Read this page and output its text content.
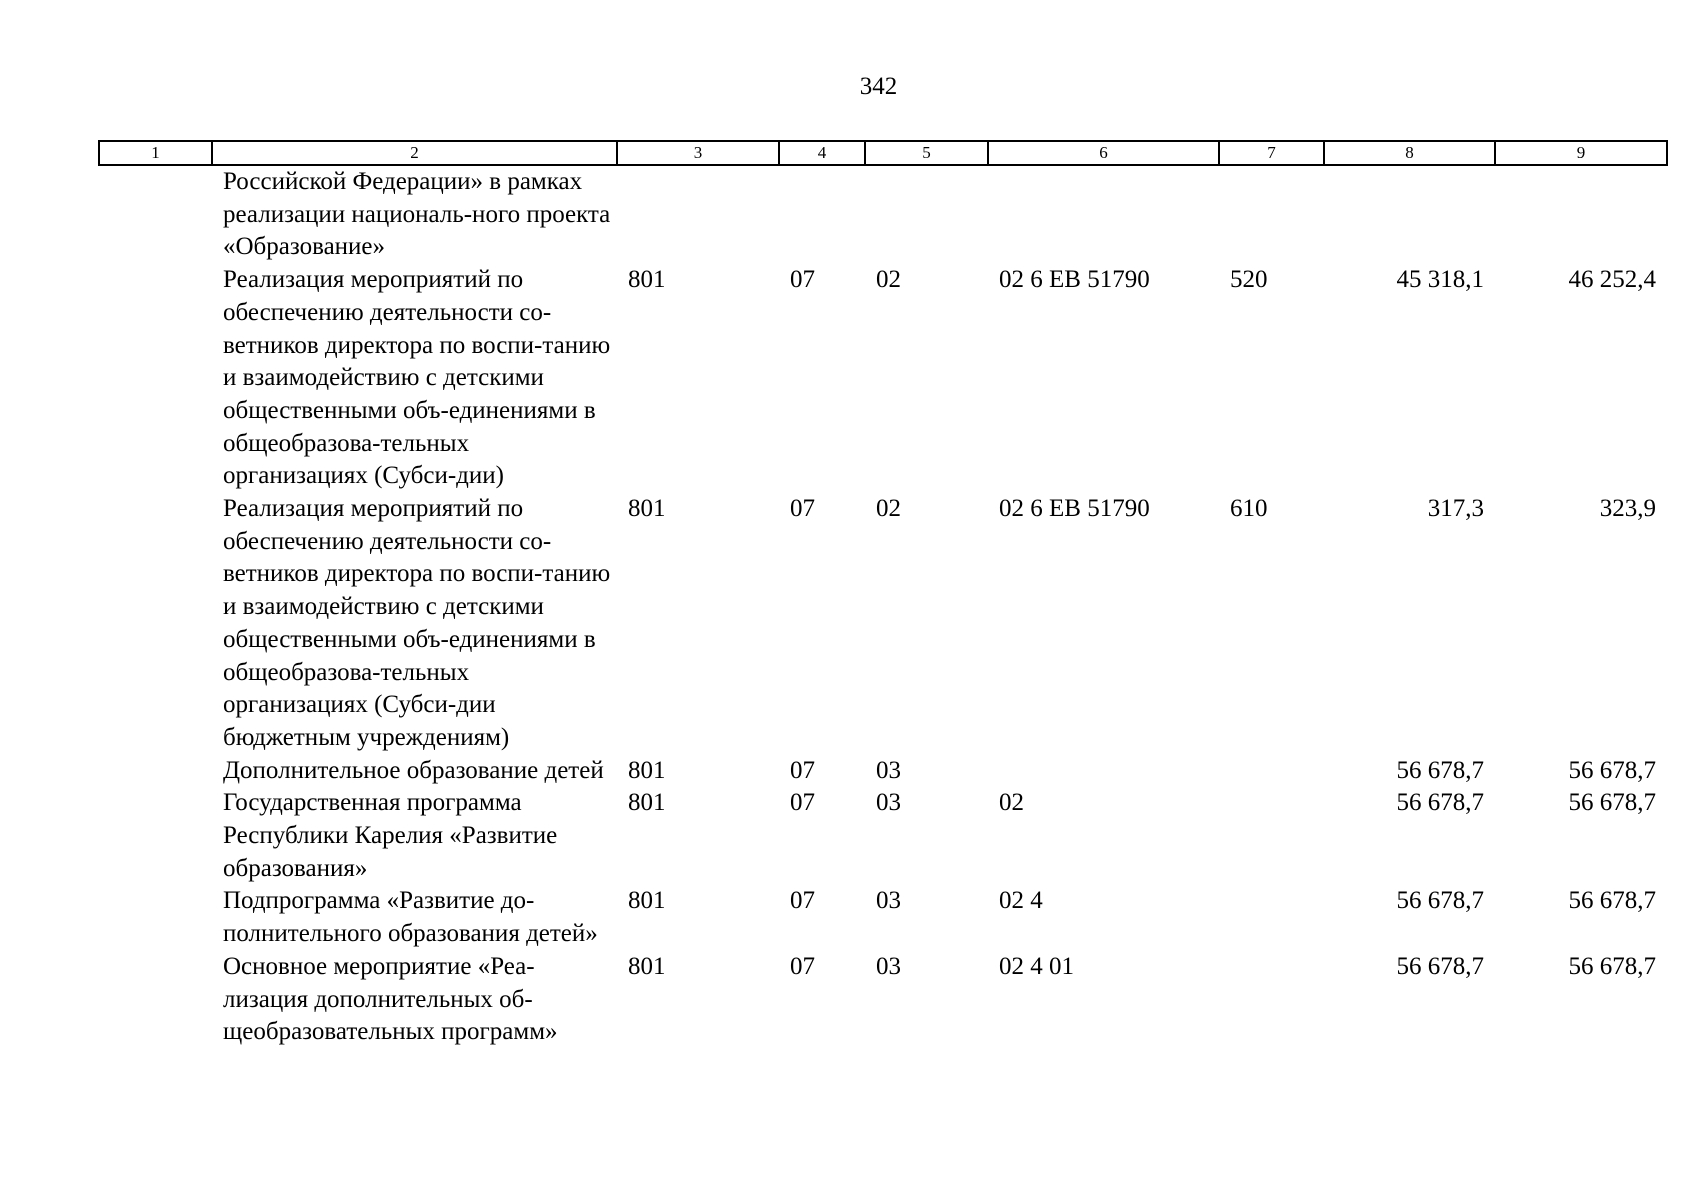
342
1	2	3	4	5	6	7	8	9
	Российской Федерации» в рамках реализации националь-ного проекта «Образование»							
	Реализация мероприятий по обеспечению деятельности со-ветников директора по воспи-танию и взаимодействию с детскими общественными объ-единениями в общеобразова-тельных организациях (Субси-дии)	801	07	02	02 6 ЕВ 51790	520	45 318,1	46 252,4
	Реализация мероприятий по обеспечению деятельности со-ветников директора по воспи-танию и взаимодействию с детскими общественными объ-единениями в общеобразова-тельных организациях (Субси-дии бюджетным учреждениям)	801	07	02	02 6 ЕВ 51790	610	317,3	323,9
	Дополнительное образование детей	801	07	03			56 678,7	56 678,7
	Государственная программа Республики Карелия «Развитие образования»	801	07	03	02		56 678,7	56 678,7
	Подпрограмма «Развитие до-полнительного образования детей»	801	07	03	02 4		56 678,7	56 678,7
	Основное мероприятие «Реа-лизация дополнительных об-щеобразовательных программ»	801	07	03	02 4 01		56 678,7	56 678,7
